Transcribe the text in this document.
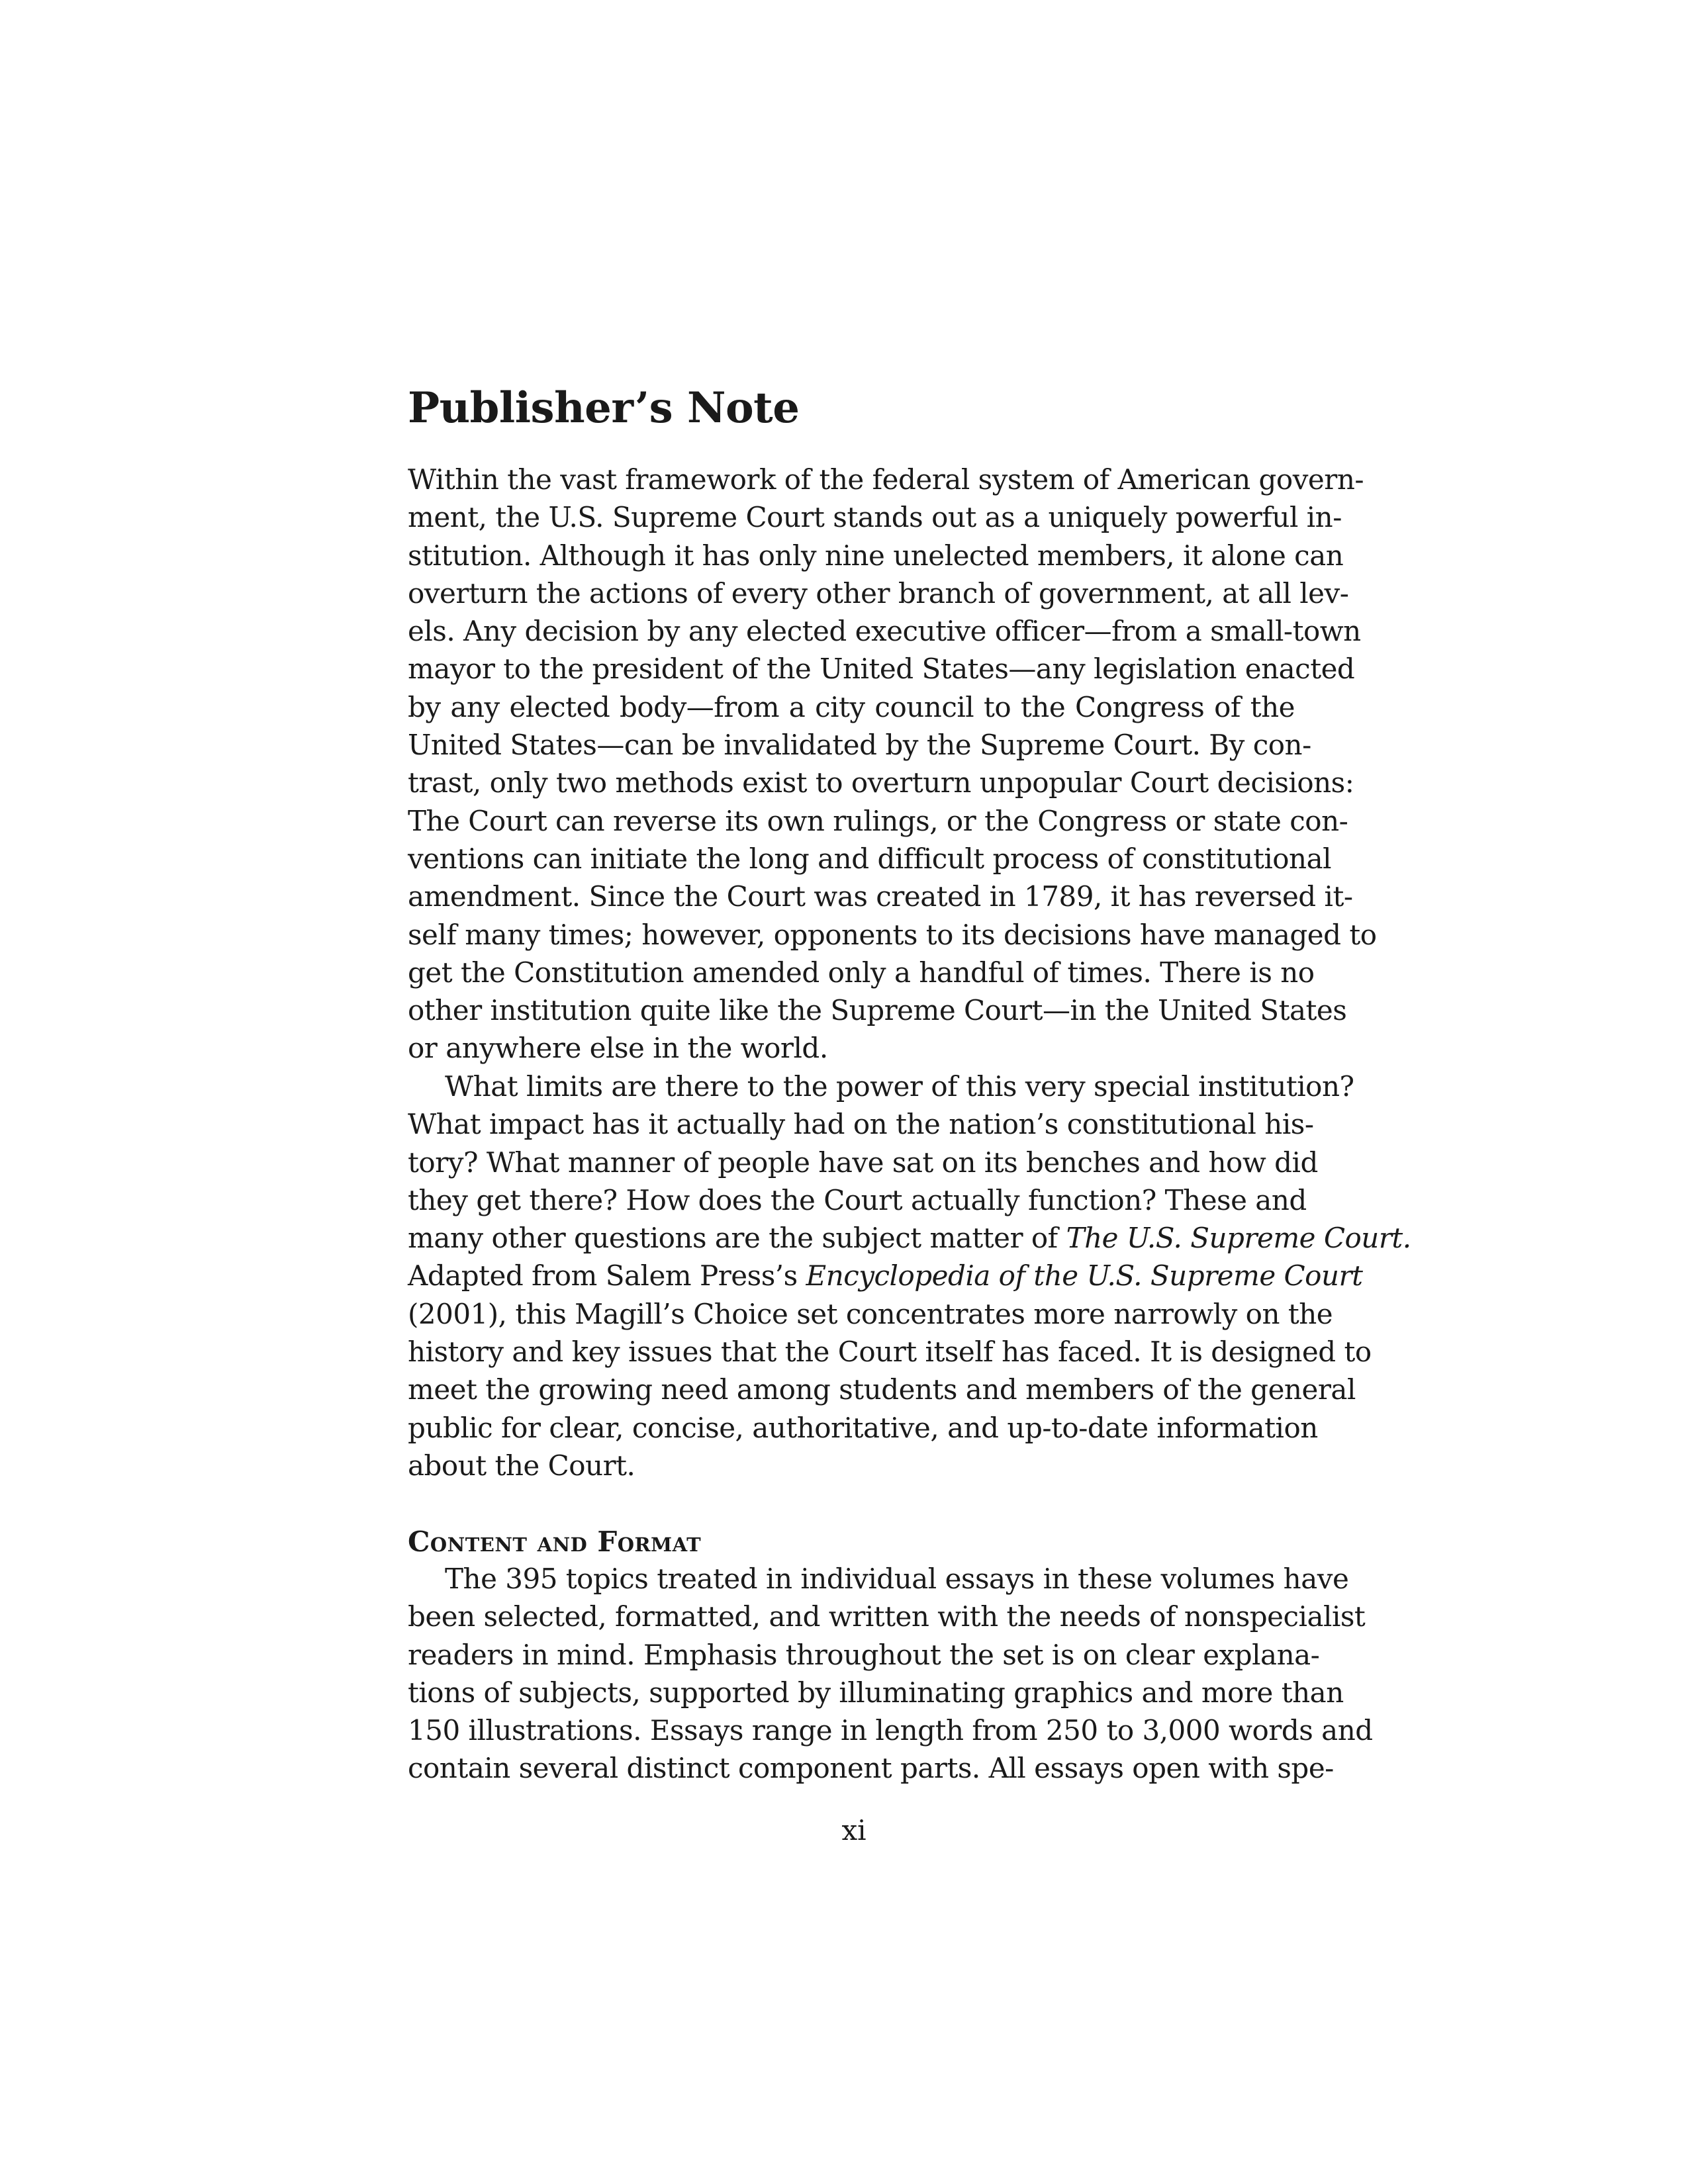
Publisher’s Note
Within the vast framework of the federal system of American govern-
ment, the U.S. Supreme Court stands out as a uniquely powerful in-
stitution. Although it has only nine unelected members, it alone can
overturn the actions of every other branch of government, at all lev-
els. Any decision by any elected executive officer—from a small-town
mayor to the president of the United States—any legislation enacted
by any elected body—from a city council to the Congress of the
United States—can be invalidated by the Supreme Court. By con-
trast, only two methods exist to overturn unpopular Court decisions:
The Court can reverse its own rulings, or the Congress or state con-
ventions can initiate the long and difficult process of constitutional
amendment. Since the Court was created in 1789, it has reversed it-
self many times; however, opponents to its decisions have managed to
get the Constitution amended only a handful of times. There is no
other institution quite like the Supreme Court—in the United States
or anywhere else in the world.
What limits are there to the power of this very special institution?
What impact has it actually had on the nation’s constitutional his-
tory? What manner of people have sat on its benches and how did
they get there? How does the Court actually function? These and
many other questions are the subject matter of The U.S. Supreme Court.
Adapted from Salem Press’s Encyclopedia of the U.S. Supreme Court
(2001), this Magill’s Choice set concentrates more narrowly on the
history and key issues that the Court itself has faced. It is designed to
meet the growing need among students and members of the general
public for clear, concise, authoritative, and up-to-date information
about the Court.
Content and Format
The 395 topics treated in individual essays in these volumes have
been selected, formatted, and written with the needs of nonspecialist
readers in mind. Emphasis throughout the set is on clear explana-
tions of subjects, supported by illuminating graphics and more than
150 illustrations. Essays range in length from 250 to 3,000 words and
contain several distinct component parts. All essays open with spe-
xi
